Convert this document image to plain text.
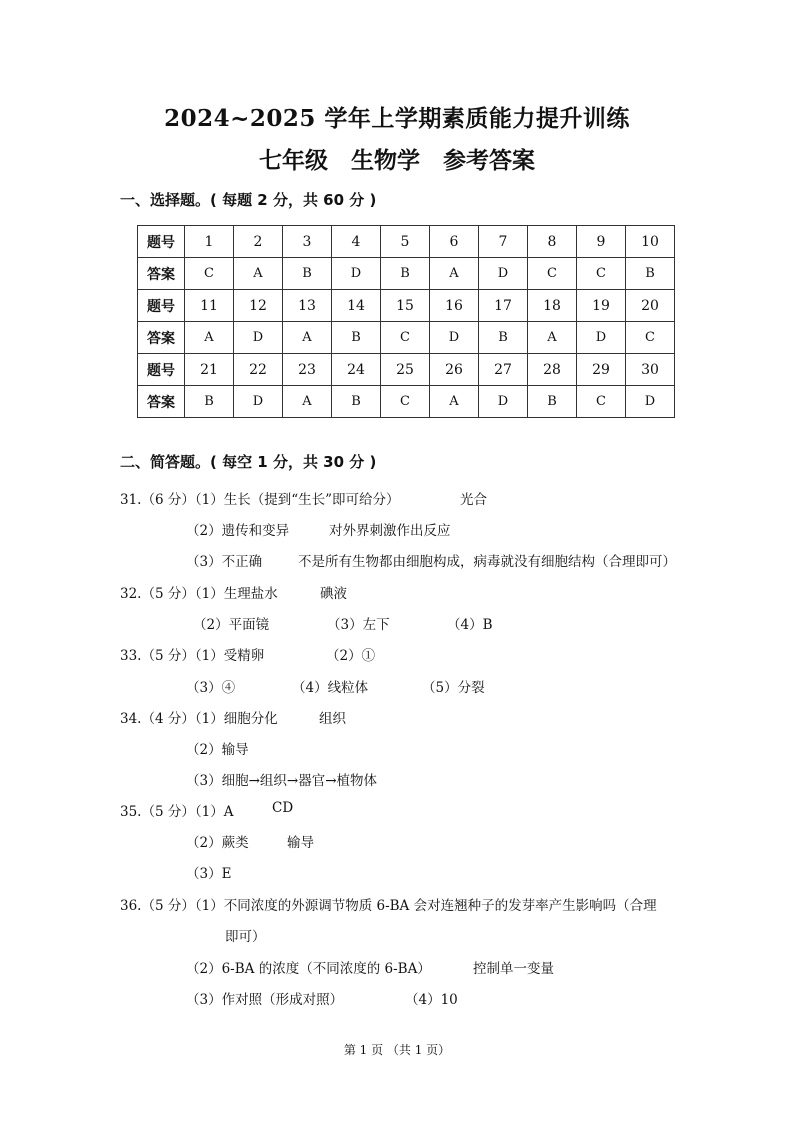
2024~2025 学年上学期素质能力提升训练
七年级　生物学　参考答案
一、选择题。( 每题 2 分，共 60 分 )
题号	1	2	3	4	5	6	7	8	9	10
答案	C	A	B	D	B	A	D	C	C	B
题号	11	12	13	14	15	16	17	18	19	20
答案	A	D	A	B	C	D	B	A	D	C
题号	21	22	23	24	25	26	27	28	29	30
答案	B	D	A	B	C	A	D	B	C	D
二、简答题。( 每空 1 分，共 30 分 )
31.（6 分）（1）生长（提到“生长”即可给分）	光合
（2）遗传和变异	对外界刺激作出反应
（3）不正确	不是所有生物都由细胞构成，病毒就没有细胞结构（合理即可）
32.（5 分）（1）生理盐水	碘液
（2）平面镜	（3）左下	（4）B
33.（5 分）（1）受精卵	（2）①
（3）④	（4）线粒体	（5）分裂
34.（4 分）（1）细胞分化	组织
（2）输导
（3）细胞→组织→器官→植物体
35.（5 分）（1）A	CD
（2）蕨类	输导
（3）E
36.（5 分）（1）不同浓度的外源调节物质 6-BA 会对连翘种子的发芽率产生影响吗（合理
即可）
（2）6-BA 的浓度（不同浓度的 6-BA）	控制单一变量
（3）作对照（形成对照）	（4）10
第 1 页 （共 1 页）
